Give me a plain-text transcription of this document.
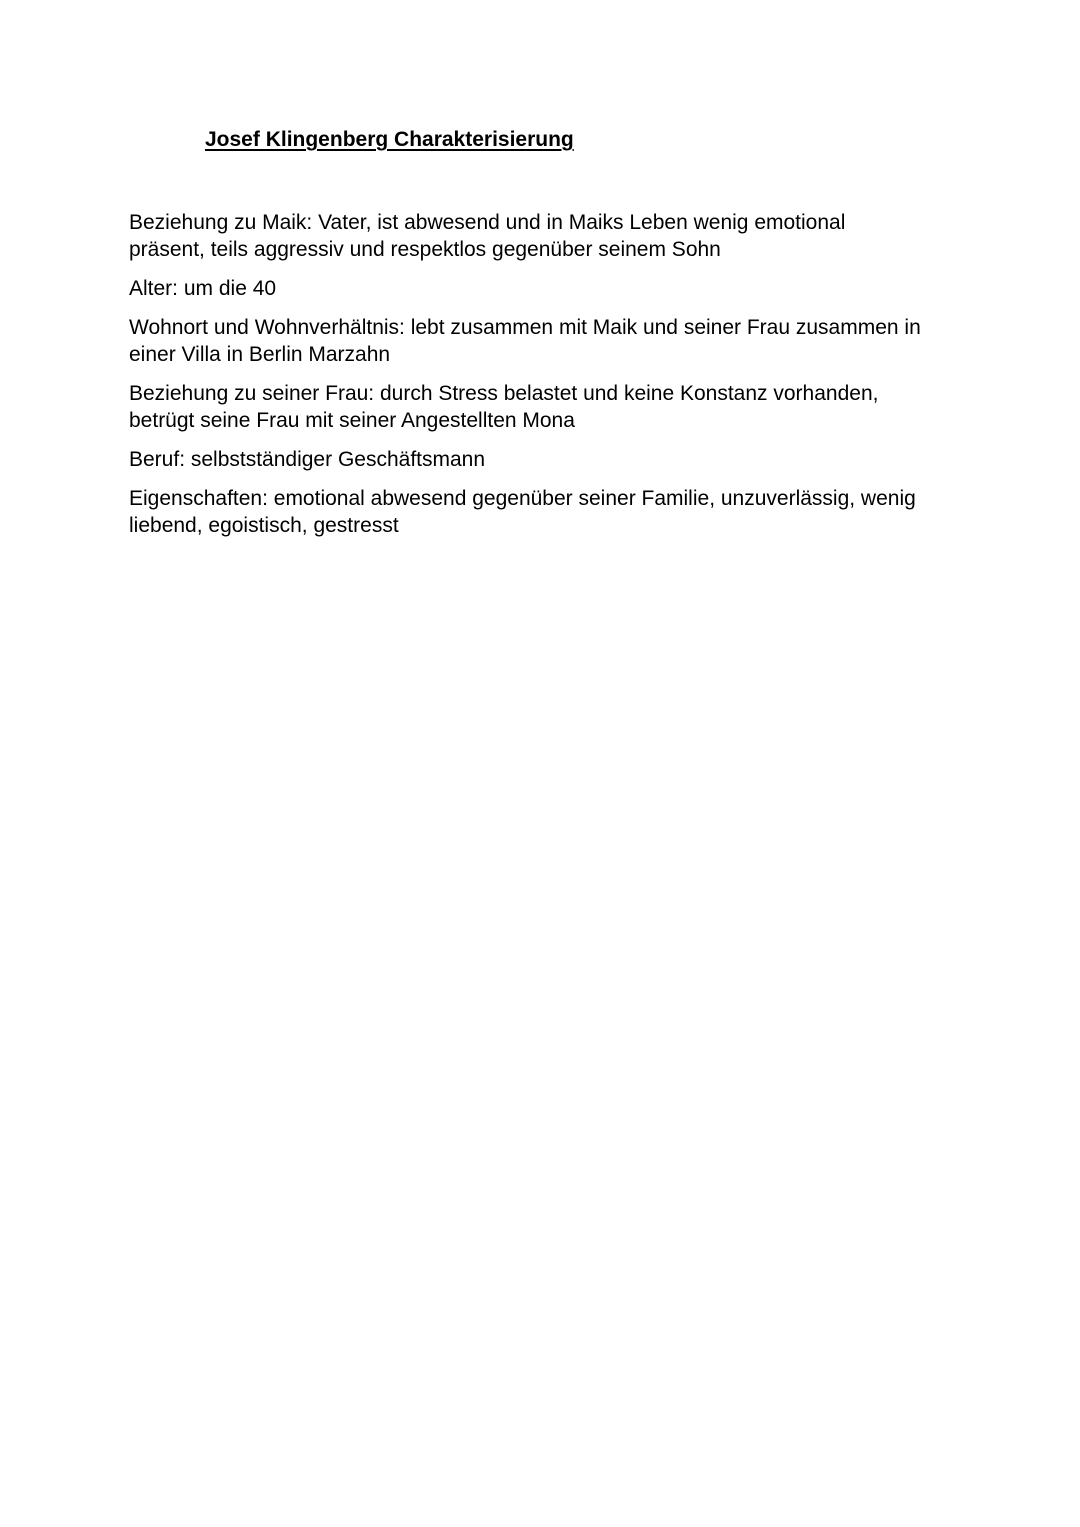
Josef Klingenberg Charakterisierung

Beziehung zu Maik: Vater, ist abwesend und in Maiks Leben wenig emotional
präsent, teils aggressiv und respektlos gegenüber seinem Sohn

Alter: um die 40

Wohnort und Wohnverhältnis: lebt zusammen mit Maik und seiner Frau zusammen in
einer Villa in Berlin Marzahn

Beziehung zu seiner Frau: durch Stress belastet und keine Konstanz vorhanden,
betrügt seine Frau mit seiner Angestellten Mona

Beruf: selbstständiger Geschäftsmann

Eigenschaften: emotional abwesend gegenüber seiner Familie, unzuverlässig, wenig
liebend, egoistisch, gestresst
